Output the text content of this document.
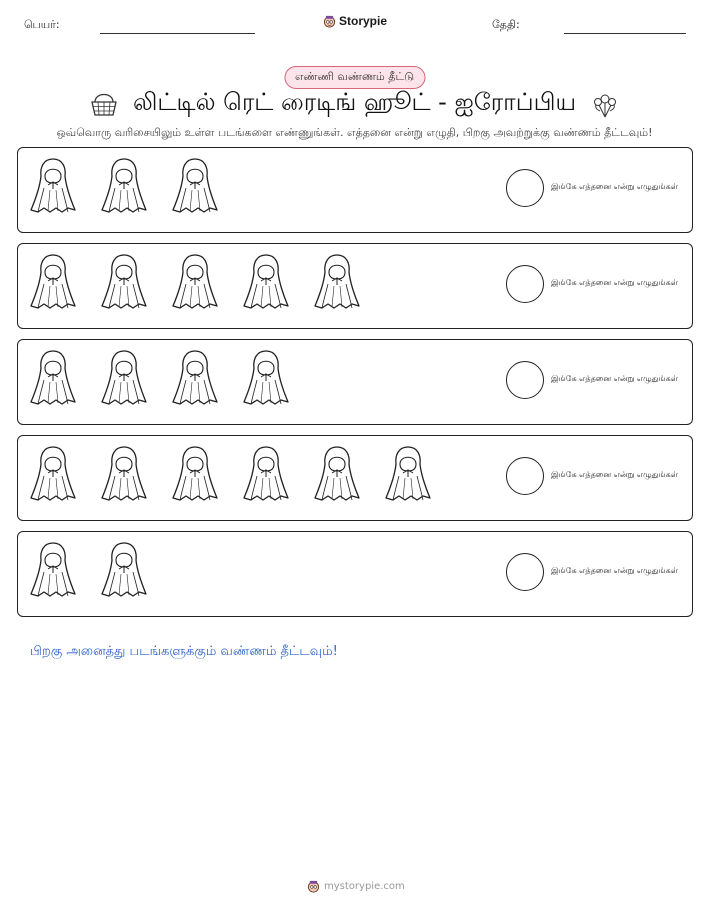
பெயர்:	Storypie	தேதி:
எண்ணி வண்ணம் தீட்டு
லிட்டில் ரெட் ரைடிங் ஹூட் - ஐரோப்பிய
ஒவ்வொரு வரிசையிலும் உள்ள படங்களை எண்ணுங்கள். எத்தனை என்று எழுதி, பிறகு அவற்றுக்கு வண்ணம் தீட்டவும்!
இங்கே எத்தனை என்று எழுதுங்கள்
இங்கே எத்தனை என்று எழுதுங்கள்
இங்கே எத்தனை என்று எழுதுங்கள்
இங்கே எத்தனை என்று எழுதுங்கள்
இங்கே எத்தனை என்று எழுதுங்கள்
பிறகு அனைத்து படங்களுக்கும் வண்ணம் தீட்டவும்!
mystorypie.com
